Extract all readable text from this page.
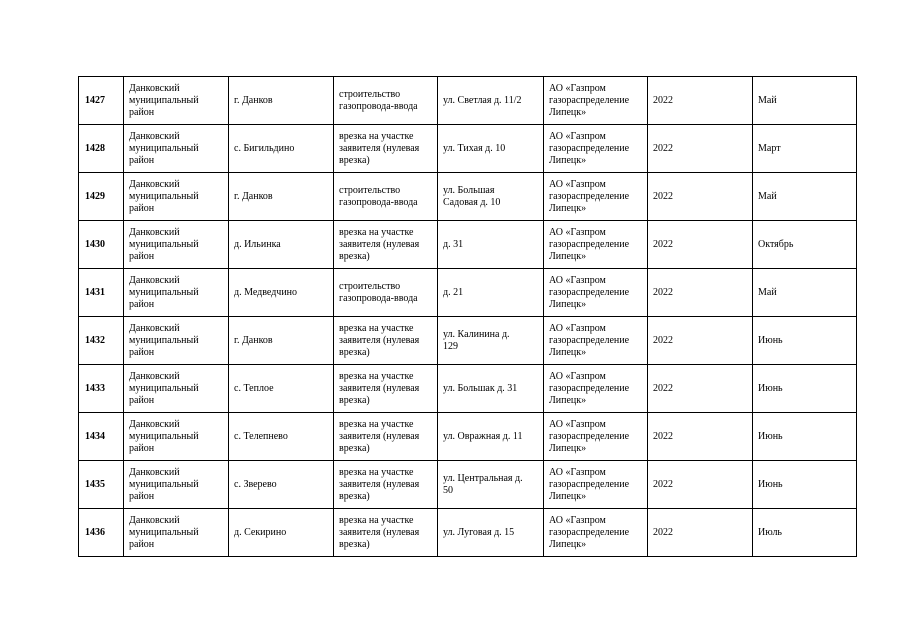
1427	Данковский
муниципальный
район	г. Данков	строительство
газопровода-ввода	ул. Светлая д. 11/2	АО «Газпром
газораспределение
Липецк»	2022	Май
1428	Данковский
муниципальный
район	с. Бигильдино	врезка на участке
заявителя (нулевая
врезка)	ул. Тихая д. 10	АО «Газпром
газораспределение
Липецк»	2022	Март
1429	Данковский
муниципальный
район	г. Данков	строительство
газопровода-ввода	ул. Большая
Садовая д. 10	АО «Газпром
газораспределение
Липецк»	2022	Май
1430	Данковский
муниципальный
район	д. Ильинка	врезка на участке
заявителя (нулевая
врезка)	д. 31	АО «Газпром
газораспределение
Липецк»	2022	Октябрь
1431	Данковский
муниципальный
район	д. Медведчино	строительство
газопровода-ввода	д. 21	АО «Газпром
газораспределение
Липецк»	2022	Май
1432	Данковский
муниципальный
район	г. Данков	врезка на участке
заявителя (нулевая
врезка)	ул. Калинина д.
129	АО «Газпром
газораспределение
Липецк»	2022	Июнь
1433	Данковский
муниципальный
район	с. Теплое	врезка на участке
заявителя (нулевая
врезка)	ул. Большак д. 31	АО «Газпром
газораспределение
Липецк»	2022	Июнь
1434	Данковский
муниципальный
район	с. Телепнево	врезка на участке
заявителя (нулевая
врезка)	ул. Овражная д. 11	АО «Газпром
газораспределение
Липецк»	2022	Июнь
1435	Данковский
муниципальный
район	с. Зверево	врезка на участке
заявителя (нулевая
врезка)	ул. Центральная д.
50	АО «Газпром
газораспределение
Липецк»	2022	Июнь
1436	Данковский
муниципальный
район	д. Секирино	врезка на участке
заявителя (нулевая
врезка)	ул. Луговая д. 15	АО «Газпром
газораспределение
Липецк»	2022	Июль
